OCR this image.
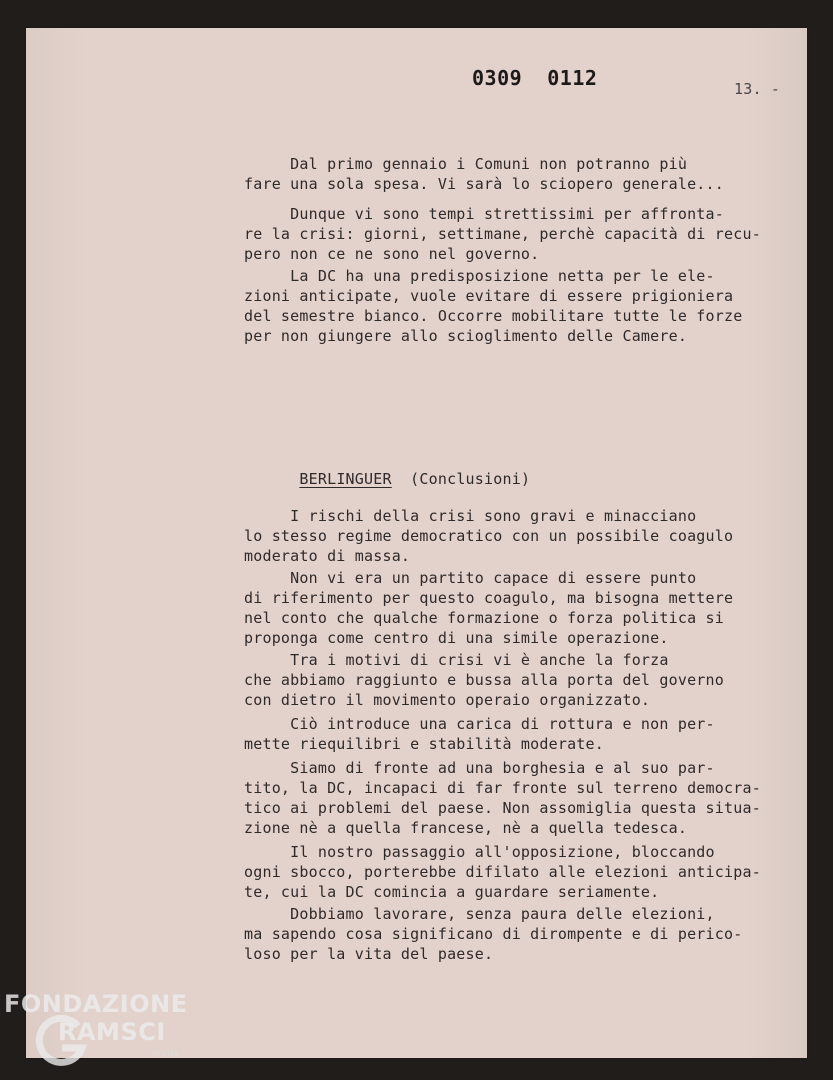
0309  0112	13. -

Dal primo gennaio i Comuni non potranno più
fare una sola spesa. Vi sarà lo sciopero generale...

Dunque vi sono tempi strettissimi per affronta-
re la crisi: giorni, settimane, perchè capacità di recu-
pero non ce ne sono nel governo.

La DC ha una predisposizione netta per le ele-
zioni anticipate, vuole evitare di essere prigioniera
del semestre bianco. Occorre mobilitare tutte le forze
per non giungere allo scioglimento delle Camere.

BERLINGUER (Conclusioni)

I rischi della crisi sono gravi e minacciano
lo stesso regime democratico con un possibile coagulo
moderato di massa.

Non vi era un partito capace di essere punto
di riferimento per questo coagulo, ma bisogna mettere
nel conto che qualche formazione o forza politica si
proponga come centro di una simile operazione.

Tra i motivi di crisi vi è anche la forza
che abbiamo raggiunto e bussa alla porta del governo
con dietro il movimento operaio organizzato.

Ciò introduce una carica di rottura e non per-
mette riequilibri e stabilità moderate.

Siamo di fronte ad una borghesia e al suo par-
tito, la DC, incapaci di far fronte sul terreno democra-
tico ai problemi del paese. Non assomiglia questa situa-
zione nè a quella francese, nè a quella tedesca.

Il nostro passaggio all'opposizione, bloccando
ogni sbocco, porterebbe difilato alle elezioni anticipa-
te, cui la DC comincia a guardare seriamente.

Dobbiamo lavorare, senza paura delle elezioni,
ma sapendo cosa significano di dirompente e di perico-
loso per la vita del paese.

FONDAZIONE
RAMSCI
onlus
